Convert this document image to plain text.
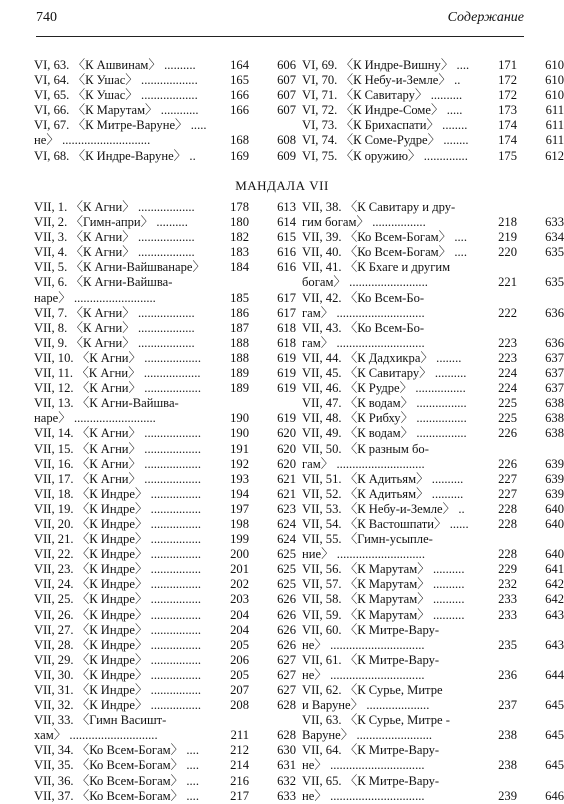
740	Содержание
VI, 63. 〈К Ашвинам〉 ..........	164 606
VI, 64. 〈К Ушас〉 ..................	165 607
VI, 65. 〈К Ушас〉 ..................	166 607
VI, 66. 〈К Марутам〉 ............	166 607
VI, 67. 〈К Митре-Варуне〉 .....
не〉 ............................	168 608
VI, 68. 〈К Индре-Варуне〉 ..	169 609
VI, 69. 〈К Индре-Вишну〉 .... 171 610
VI, 70. 〈К Небу-и-Земле〉 ..	172 610
VI, 71. 〈К Савитару〉 ..........	172 610
VI, 72. 〈К Индре-Соме〉 .....	173 611
VI, 73. 〈К Брихаспати〉 ........ 174 611
VI, 74. 〈К Соме-Рудре〉 ........ 174 611
VI, 75. 〈К оружию〉 .............. 175 612
МАНДАЛА VII
VII, 1. 〈К Агни〉 ..................	178 613
VII, 2. 〈Гимн-апри〉 ..........	180 614
VII, 3. 〈К Агни〉 ..................	182 615
VII, 4. 〈К Агни〉 ..................	183 616
VII, 5. 〈К Агни-Вайшванаре〉 184 616
VII, 6. 〈К Агни-Вайшва-
наре〉 ..........................	185 617
VII, 7. 〈К Агни〉 ..................	186 617
VII, 8. 〈К Агни〉 ..................	187 618
VII, 9. 〈К Агни〉 ..................	188 618
VII, 10. 〈К Агни〉 .................. 188 619
VII, 11. 〈К Агни〉 .................. 189 619
VII, 12. 〈К Агни〉 .................. 189 619
VII, 13. 〈К Агни-Вайшва-
наре〉 ..........................	190 619
VII, 14. 〈К Агни〉 .................. 190 620
VII, 15. 〈К Агни〉 .................. 191 620
VII, 16. 〈К Агни〉 .................. 192 620
VII, 17. 〈К Агни〉 .................. 193 621
VII, 18. 〈К Индре〉 ................ 194 621
VII, 19. 〈К Индре〉 ................ 197 623
VII, 20. 〈К Индре〉 ................ 198 624
VII, 21. 〈К Индре〉 ................ 199 624
VII, 22. 〈К Индре〉 ................ 200 625
VII, 23. 〈К Индре〉 ................ 201 625
VII, 24. 〈К Индре〉 ................ 202 625
VII, 25. 〈К Индре〉 ................ 203 626
VII, 26. 〈К Индре〉 ................ 204 626
VII, 27. 〈К Индре〉 ................ 204 626
VII, 28. 〈К Индре〉 ................ 205 626
VII, 29. 〈К Индре〉 ................ 206 627
VII, 30. 〈К Индре〉 ................ 205 627
VII, 31. 〈К Индре〉 ................ 207 627
VII, 32. 〈К Индре〉 ................ 208 628
VII, 33. 〈Гимн Васишт-
хам〉 ............................	211 628
VII, 34. 〈Ко Всем-Богам〉 .... 212 630
VII, 35. 〈Ко Всем-Богам〉 .... 214 631
VII, 36. 〈Ко Всем-Богам〉 .... 216 632
VII, 37. 〈Ко Всем-Богам〉 .... 217 633
VII, 38. 〈К Савитару и дру-
гим богам〉 .................	218 633
VII, 39. 〈Ко Всем-Богам〉 .... 219 634
VII, 40. 〈Ко Всем-Богам〉 .... 220 635
VII, 41. 〈К Бхаге и другим
богам〉 .........................	221 635
VII, 42. 〈Ко Всем-Бо-
гам〉 ............................	222 636
VII, 43. 〈Ко Всем-Бо-
гам〉 ............................	223 636
VII, 44. 〈К Дадхикра〉 ........	223 637
VII, 45. 〈К Савитару〉 ..........	224 637
VII, 46. 〈К Рудре〉 ................	224 637
VII, 47. 〈К водам〉 ................ 225 638
VII, 48. 〈К Рибху〉 ................ 225 638
VII, 49. 〈К водам〉 ................ 226 638
VII, 50. 〈К разным бо-
гам〉 ............................	226 639
VII, 51. 〈К Адитьям〉 ..........	227 639
VII, 52. 〈К Адитьям〉 ..........	227 639
VII, 53. 〈К Небу-и-Земле〉 ..	228 640
VII, 54. 〈К Вастошпати〉 ...... 228 640
VII, 55. 〈Гимн-усыпле-
ние〉 ............................	228 640
VII, 56. 〈К Марутам〉 ..........	229 641
VII, 57. 〈К Марутам〉 ..........	232 642
VII, 58. 〈К Марутам〉 ..........	233 642
VII, 59. 〈К Марутам〉 ..........	233 643
VII, 60. 〈К Митре-Вару-
не〉 ..............................	235 643
VII, 61. 〈К Митре-Вару-
не〉 ..............................	236 644
VII, 62. 〈К Сурье, Митре
и Варуне〉 ....................	237 645
VII, 63. 〈К Сурье, Митре -
Варуне〉 ........................	238 645
VII, 64. 〈К Митре-Вару-
не〉 ..............................	238 645
VII, 65. 〈К Митре-Вару-
не〉 ..............................	239 646
